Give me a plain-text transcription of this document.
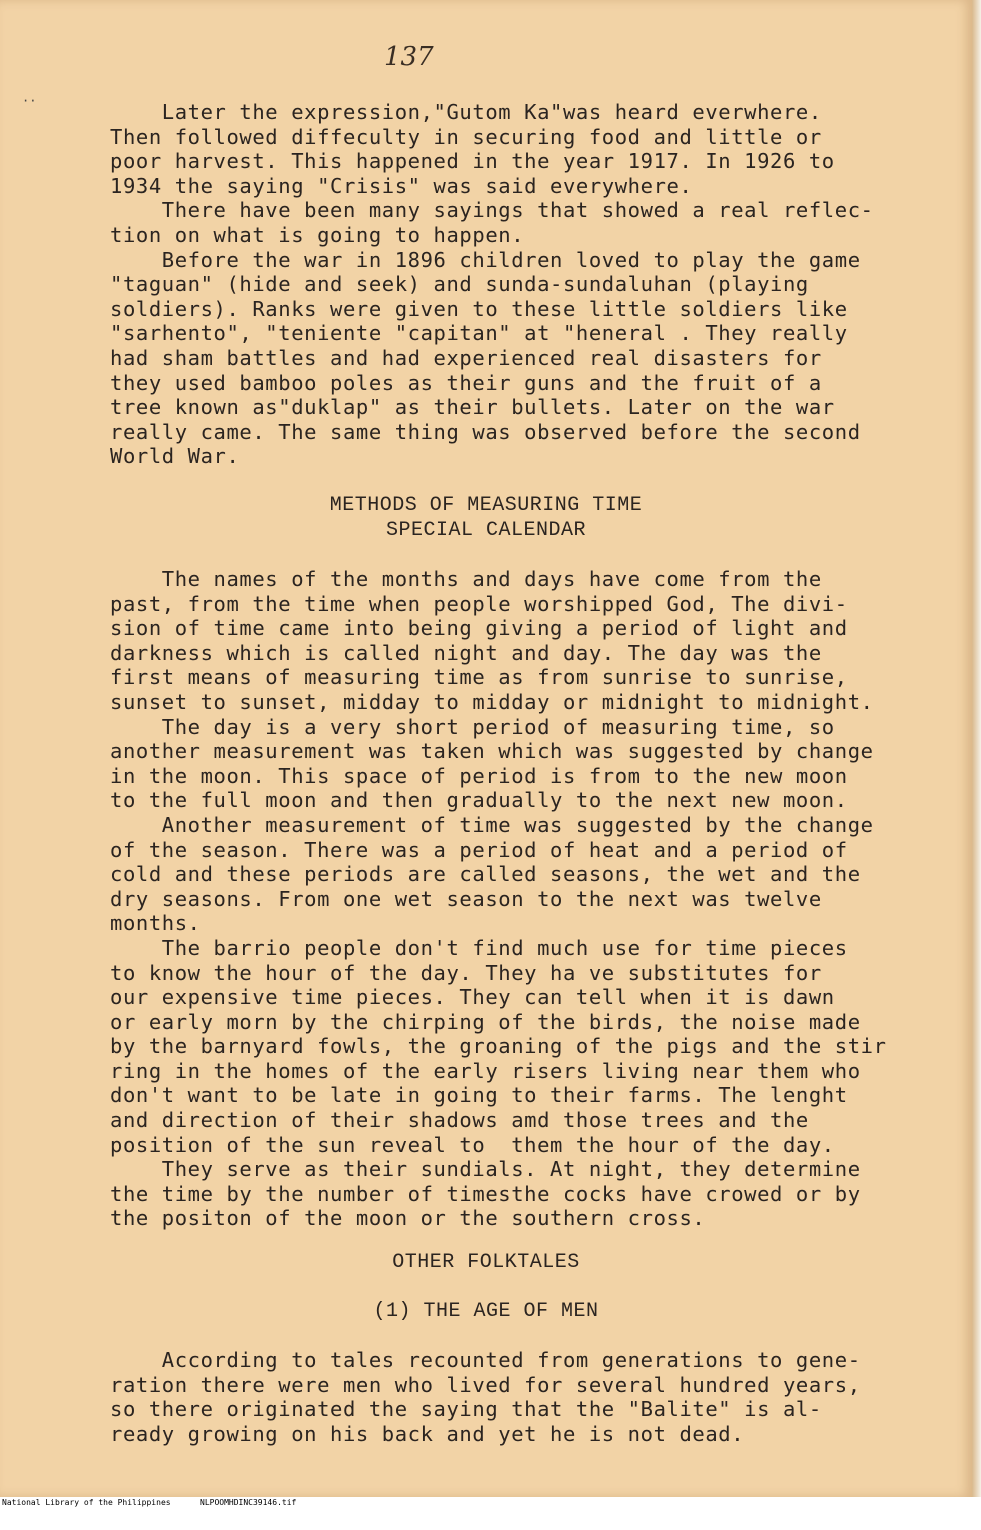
··
137
Later the expression,"Gutom Ka"was heard everwhere.
Then followed diffeculty in securing food and little or
poor harvest. This happened in the year 1917. In 1926 to
1934 the saying "Crisis" was said everywhere.
There have been many sayings that showed a real reflec-
tion on what is going to happen.
Before the war in 1896 children loved to play the game
"taguan" (hide and seek) and sunda-sundaluhan (playing
soldiers). Ranks were given to these little soldiers like
"sarhento", "teniente "capitan" at "heneral . They really
had sham battles and had experienced real disasters for
they used bamboo poles as their guns and the fruit of a
tree known as"duklap" as their bullets. Later on the war
really came. The same thing was observed before the second
World War.
METHODS OF MEASURING TIME
SPECIAL CALENDAR
The names of the months and days have come from the
past, from the time when people worshipped God, The divi-
sion of time came into being giving a period of light and
darkness which is called night and day. The day was the
first means of measuring time as from sunrise to sunrise,
sunset to sunset, midday to midday or midnight to midnight.
The day is a very short period of measuring time, so
another measurement was taken which was suggested by change
in the moon. This space of period is from to the new moon
to the full moon and then gradually to the next new moon.
Another measurement of time was suggested by the change
of the season. There was a period of heat and a period of
cold and these periods are called seasons, the wet and the
dry seasons. From one wet season to the next was twelve
months.
The barrio people don't find much use for time pieces
to know the hour of the day. They ha ve substitutes for
our expensive time pieces. They can tell when it is dawn
or early morn by the chirping of the birds, the noise made
by the barnyard fowls, the groaning of the pigs and the stir
ring in the homes of the early risers living near them who
don't want to be late in going to their farms. The lenght
and direction of their shadows amd those trees and the
position of the sun reveal to  them the hour of the day.
They serve as their sundials. At night, they determine
the time by the number of timesthe cocks have crowed or by
the positon of the moon or the southern cross.
OTHER FOLKTALES
(1) THE AGE OF MEN
According to tales recounted from generations to gene-
ration there were men who lived for several hundred years,
so there originated the saying that the "Balite" is al-
ready growing on his back and yet he is not dead.

National Library of the Philippines

	NLPOOMHDINC39146.tif
